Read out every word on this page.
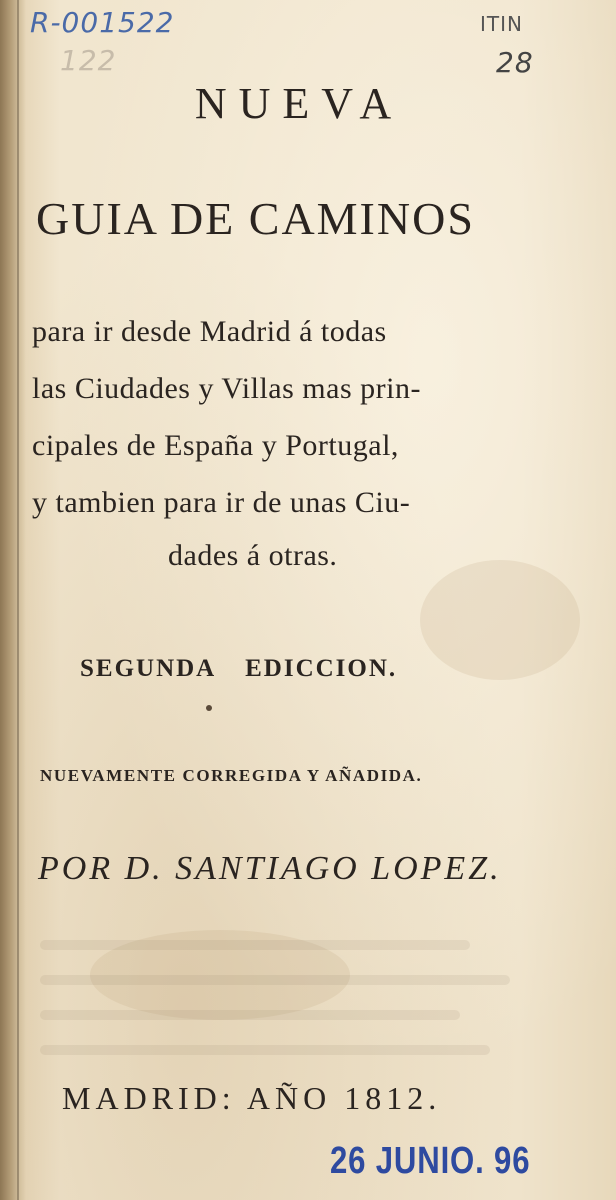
R-001522
122
ITIN
28
NUEVA
GUIA DE CAMINOS
para ir desde Madrid á todas
las Ciudades y Villas mas prin-
cipales de España y Portugal,
y tambien para ir de unas Ciu-
dades á otras.
SEGUNDA EDICCION.
NUEVAMENTE CORREGIDA Y AÑADIDA.
POR D. SANTIAGO LOPEZ.
MADRID: AÑO 1812.
26 JUNIO. 96
